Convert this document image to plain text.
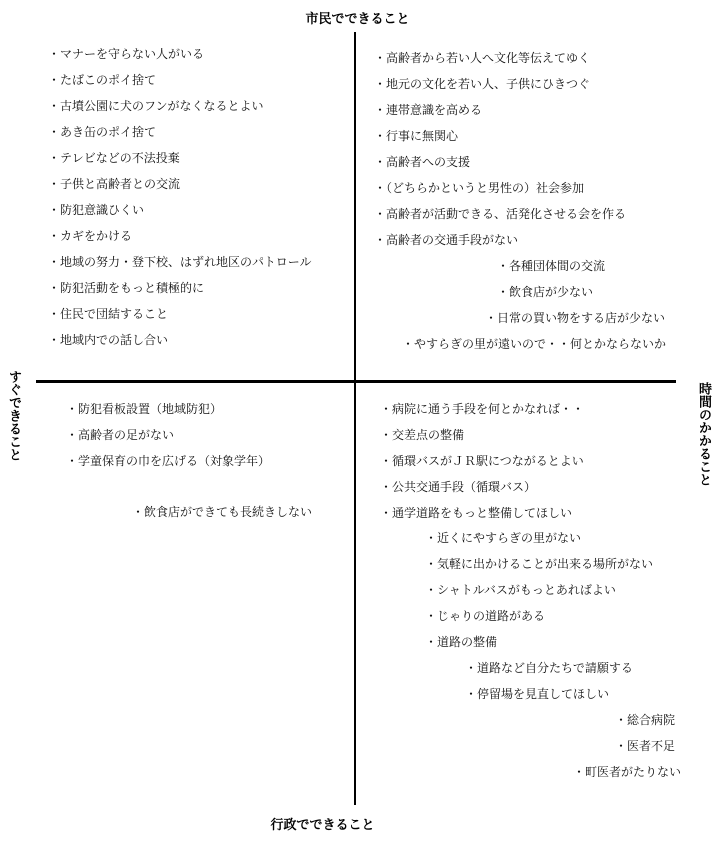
市民でできること
行政でできること
すぐできること	時間のかかること
・マナーを守らない人がいる
・たばこのポイ捨て
・古墳公園に犬のフンがなくなるとよい
・あき缶のポイ捨て
・テレビなどの不法投棄
・子供と高齢者との交流
・防犯意識ひくい
・カギをかける
・地域の努力・登下校、はずれ地区のパトロール
・防犯活動をもっと積極的に
・住民で団結すること
・地域内での話し合い
・高齢者から若い人へ文化等伝えてゆく
・地元の文化を若い人、子供にひきつぐ
・連帯意識を高める
・行事に無関心
・高齢者への支援
・（どちらかというと男性の）社会参加
・高齢者が活動できる、活発化させる会を作る
・高齢者の交通手段がない
・各種団体間の交流
・飲食店が少ない
・日常の買い物をする店が少ない
・やすらぎの里が遠いので・・何とかならないか
・防犯看板設置（地域防犯）
・高齢者の足がない
・学童保育の巾を広げる（対象学年）
・飲食店ができても長続きしない
・病院に通う手段を何とかなれば・・
・交差点の整備
・循環バスがＪＲ駅につながるとよい
・公共交通手段（循環バス）
・通学道路をもっと整備してほしい
・近くにやすらぎの里がない
・気軽に出かけることが出来る場所がない
・シャトルバスがもっとあればよい
・じゃりの道路がある
・道路の整備
・道路など自分たちで請願する
・停留場を見直してほしい
・総合病院
・医者不足
・町医者がたりない
